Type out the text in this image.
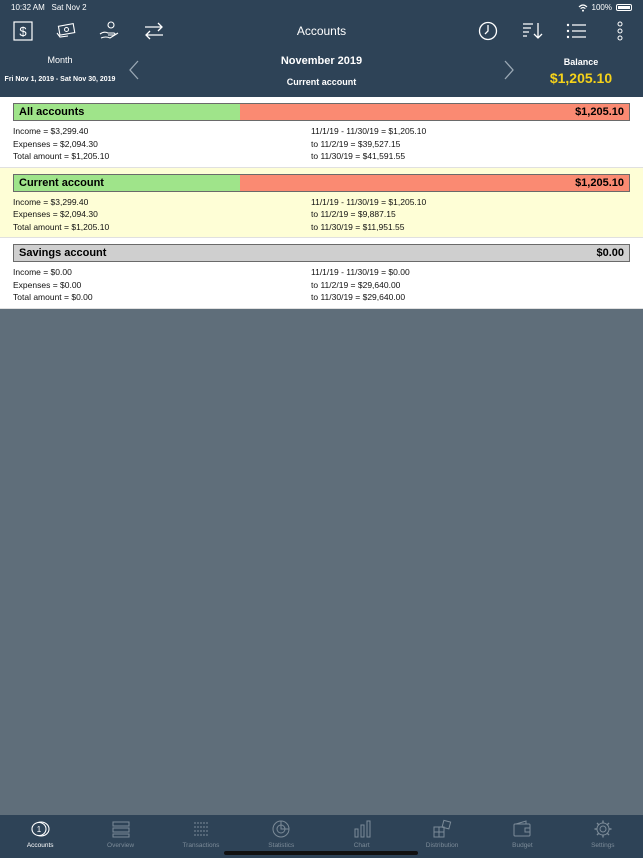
10:32 AM Sat Nov 2	100%
$	Accounts
Month
Fri Nov 1, 2019 - Sat Nov 30, 2019
November 2019
Current account
Balance
$1,205.10
All accounts	$1,205.10
Income = $3,299.40
Expenses = $2,094.30
Total amount = $1,205.10
11/1/19 - 11/30/19 = $1,205.10
to 11/2/19 = $39,527.15
to 11/30/19 = $41,591.55
Current account	$1,205.10
Income = $3,299.40
Expenses = $2,094.30
Total amount = $1,205.10
11/1/19 - 11/30/19 = $1,205.10
to 11/2/19 = $9,887.15
to 11/30/19 = $11,951.55
Savings account	$0.00
Income = $0.00
Expenses = $0.00
Total amount = $0.00
11/1/19 - 11/30/19 = $0.00
to 11/2/19 = $29,640.00
to 11/30/19 = $29,640.00
1
Accounts	Overview	Transactions	Statistics	Chart	Distribution	Budget	Settings
